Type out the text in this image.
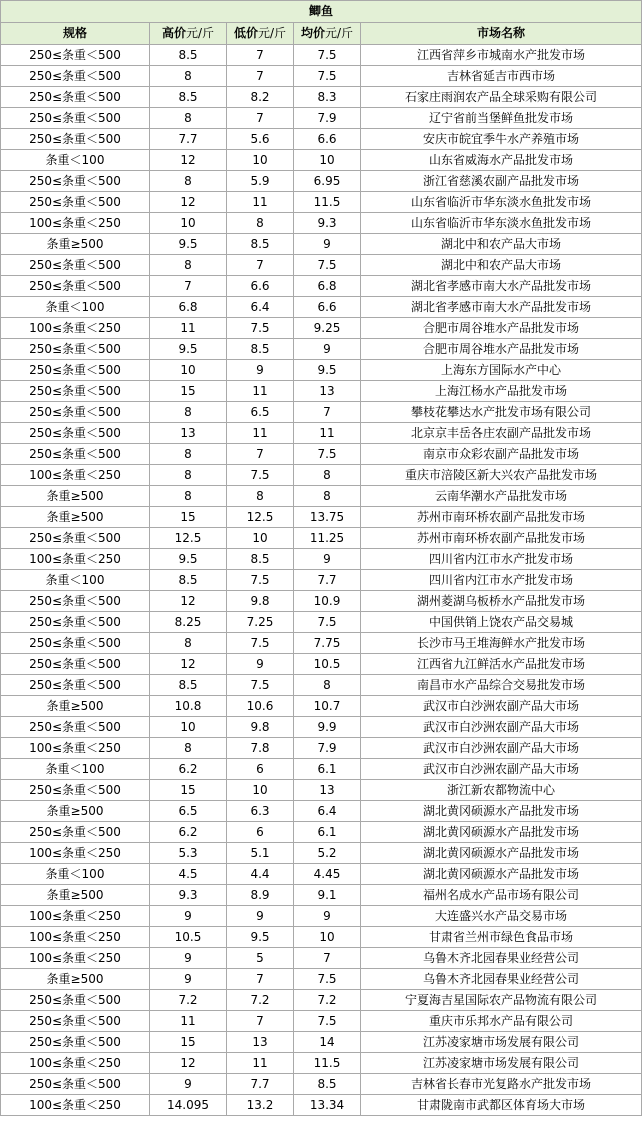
鲫鱼				
规格	高价元/斤	低价元/斤	均价元/斤	市场名称
250≤条重＜500	8.5	7	7.5	江西省萍乡市城南水产批发市场
250≤条重＜500	8	7	7.5	吉林省延吉市西市场
250≤条重＜500	8.5	8.2	8.3	石家庄雨润农产品全球采购有限公司
250≤条重＜500	8	7	7.9	辽宁省前当堡鲜鱼批发市场
250≤条重＜500	7.7	5.6	6.6	安庆市皖宜季牛水产养殖市场
条重＜100	12	10	10	山东省威海水产品批发市场
250≤条重＜500	8	5.9	6.95	浙江省慈溪农副产品批发市场
250≤条重＜500	12	11	11.5	山东省临沂市华东淡水鱼批发市场
100≤条重＜250	10	8	9.3	山东省临沂市华东淡水鱼批发市场
条重≥500	9.5	8.5	9	湖北中和农产品大市场
250≤条重＜500	8	7	7.5	湖北中和农产品大市场
250≤条重＜500	7	6.6	6.8	湖北省孝感市南大水产品批发市场
条重＜100	6.8	6.4	6.6	湖北省孝感市南大水产品批发市场
100≤条重＜250	11	7.5	9.25	合肥市周谷堆水产品批发市场
250≤条重＜500	9.5	8.5	9	合肥市周谷堆水产品批发市场
250≤条重＜500	10	9	9.5	上海东方国际水产中心
250≤条重＜500	15	11	13	上海江杨水产品批发市场
250≤条重＜500	8	6.5	7	攀枝花攀达水产批发市场有限公司
250≤条重＜500	13	11	11	北京京丰岳各庄农副产品批发市场
250≤条重＜500	8	7	7.5	南京市众彩农副产品批发市场
100≤条重＜250	8	7.5	8	重庆市涪陵区新大兴农产品批发市场
条重≥500	8	8	8	云南华潮水产品批发市场
条重≥500	15	12.5	13.75	苏州市南环桥农副产品批发市场
250≤条重＜500	12.5	10	11.25	苏州市南环桥农副产品批发市场
100≤条重＜250	9.5	8.5	9	四川省内江市水产批发市场
条重＜100	8.5	7.5	7.7	四川省内江市水产批发市场
250≤条重＜500	12	9.8	10.9	湖州菱湖乌板桥水产品批发市场
250≤条重＜500	8.25	7.25	7.5	中国供销上饶农产品交易城
250≤条重＜500	8	7.5	7.75	长沙市马王堆海鲜水产批发市场
250≤条重＜500	12	9	10.5	江西省九江鲜活水产品批发市场
250≤条重＜500	8.5	7.5	8	南昌市水产品综合交易批发市场
条重≥500	10.8	10.6	10.7	武汉市白沙洲农副产品大市场
250≤条重＜500	10	9.8	9.9	武汉市白沙洲农副产品大市场
100≤条重＜250	8	7.8	7.9	武汉市白沙洲农副产品大市场
条重＜100	6.2	6	6.1	武汉市白沙洲农副产品大市场
250≤条重＜500	15	10	13	浙江新农都物流中心
条重≥500	6.5	6.3	6.4	湖北黄冈硕源水产品批发市场
250≤条重＜500	6.2	6	6.1	湖北黄冈硕源水产品批发市场
100≤条重＜250	5.3	5.1	5.2	湖北黄冈硕源水产品批发市场
条重＜100	4.5	4.4	4.45	湖北黄冈硕源水产品批发市场
条重≥500	9.3	8.9	9.1	福州名成水产品市场有限公司
100≤条重＜250	9	9	9	大连盛兴水产品交易市场
100≤条重＜250	10.5	9.5	10	甘肃省兰州市绿色食品市场
100≤条重＜250	9	5	7	乌鲁木齐北园春果业经营公司
条重≥500	9	7	7.5	乌鲁木齐北园春果业经营公司
250≤条重＜500	7.2	7.2	7.2	宁夏海吉星国际农产品物流有限公司
250≤条重＜500	11	7	7.5	重庆市乐邦水产品有限公司
250≤条重＜500	15	13	14	江苏凌家塘市场发展有限公司
100≤条重＜250	12	11	11.5	江苏凌家塘市场发展有限公司
250≤条重＜500	9	7.7	8.5	吉林省长春市光复路水产批发市场
100≤条重＜250	14.095	13.2	13.34	甘肃陇南市武都区体育场大市场
